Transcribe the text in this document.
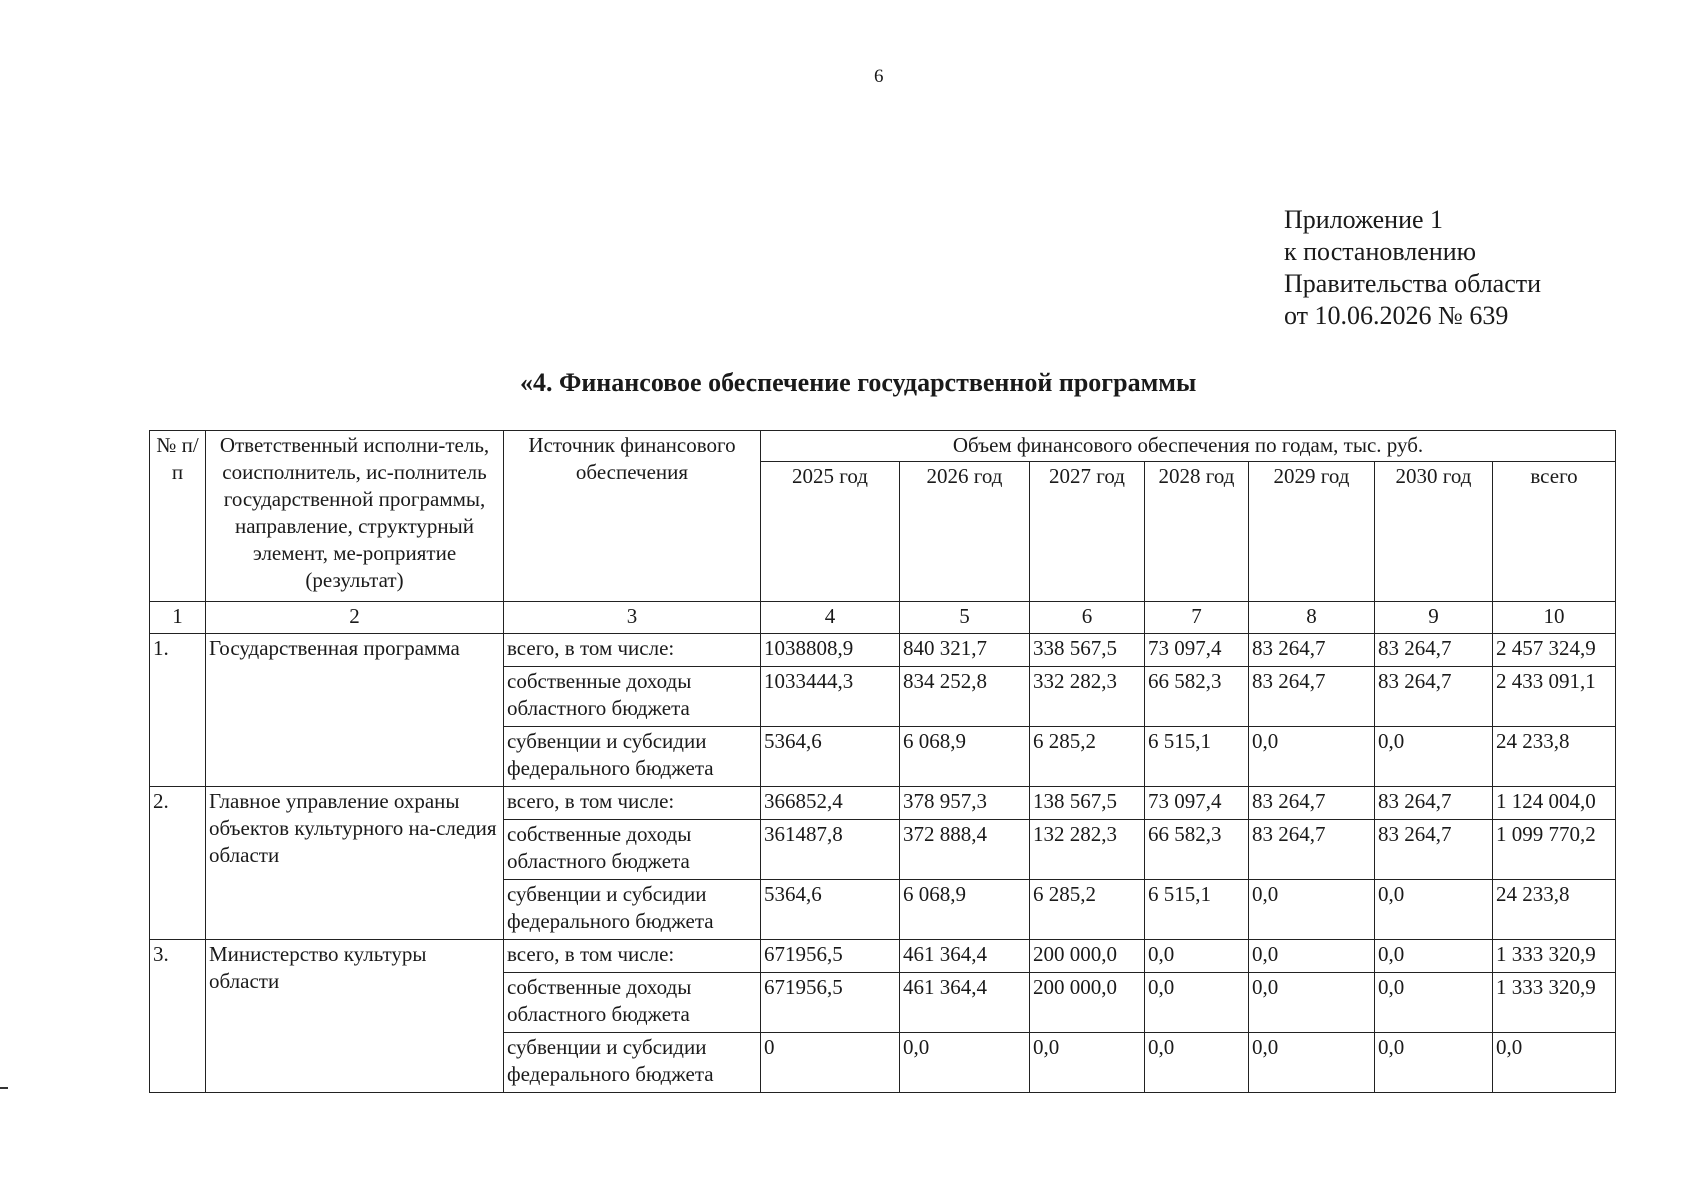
6
Приложение 1
к постановлению
Правительства области
от 10.06.2026 № 639
«4. Финансовое обеспечение государственной программы
№ п/п	Ответственный исполни-тель, соисполнитель, ис-полнитель государственной программы, направление, структурный элемент, ме-роприятие (результат)	Источник финансового обеспечения	Объем финансового обеспечения по годам, тыс. руб.						
			2025 год	2026 год	2027 год	2028 год	2029 год	2030 год	всего
1	2	3	4	5	6	7	8	9	10
1.	Государственная программа	всего, в том числе:	1038808,9	840 321,7	338 567,5	73 097,4	83 264,7	83 264,7	2 457 324,9
		собственные доходы областного бюджета	1033444,3	834 252,8	332 282,3	66 582,3	83 264,7	83 264,7	2 433 091,1
		субвенции и субсидии федерального бюджета	5364,6	6 068,9	6 285,2	6 515,1	0,0	0,0	24 233,8
2.	Главное управление охраны объектов культурного на-следия области	всего, в том числе:	366852,4	378 957,3	138 567,5	73 097,4	83 264,7	83 264,7	1 124 004,0
		собственные доходы областного бюджета	361487,8	372 888,4	132 282,3	66 582,3	83 264,7	83 264,7	1 099 770,2
		субвенции и субсидии федерального бюджета	5364,6	6 068,9	6 285,2	6 515,1	0,0	0,0	24 233,8
3.	Министерство культуры области	всего, в том числе:	671956,5	461 364,4	200 000,0	0,0	0,0	0,0	1 333 320,9
		собственные доходы областного бюджета	671956,5	461 364,4	200 000,0	0,0	0,0	0,0	1 333 320,9
		субвенции и субсидии федерального бюджета	0	0,0	0,0	0,0	0,0	0,0	0,0
